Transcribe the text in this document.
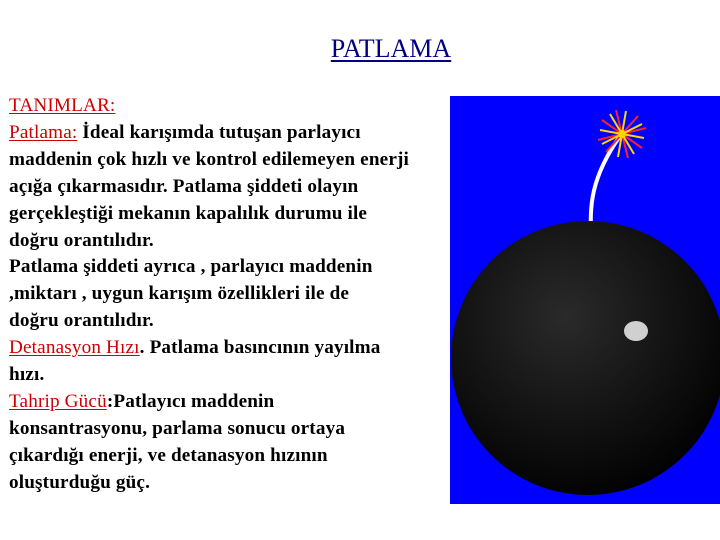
PATLAMA

TANIMLAR:

Patlama: İdeal karışımda tutuşan parlayıcı

maddenin çok hızlı ve kontrol edilemeyen enerji

açığa çıkarmasıdır. Patlama şiddeti olayın

gerçekleştiği mekanın kapalılık durumu ile

doğru orantılıdır.

Patlama şiddeti ayrıca , parlayıcı maddenin

,miktarı , uygun karışım özellikleri ile de

doğru orantılıdır.

Detanasyon Hızı. Patlama basıncının yayılma

hızı.

Tahrip Gücü:Patlayıcı maddenin

konsantrasyonu, parlama sonucu ortaya

çıkardığı enerji, ve detanasyon hızının

oluşturduğu güç.
